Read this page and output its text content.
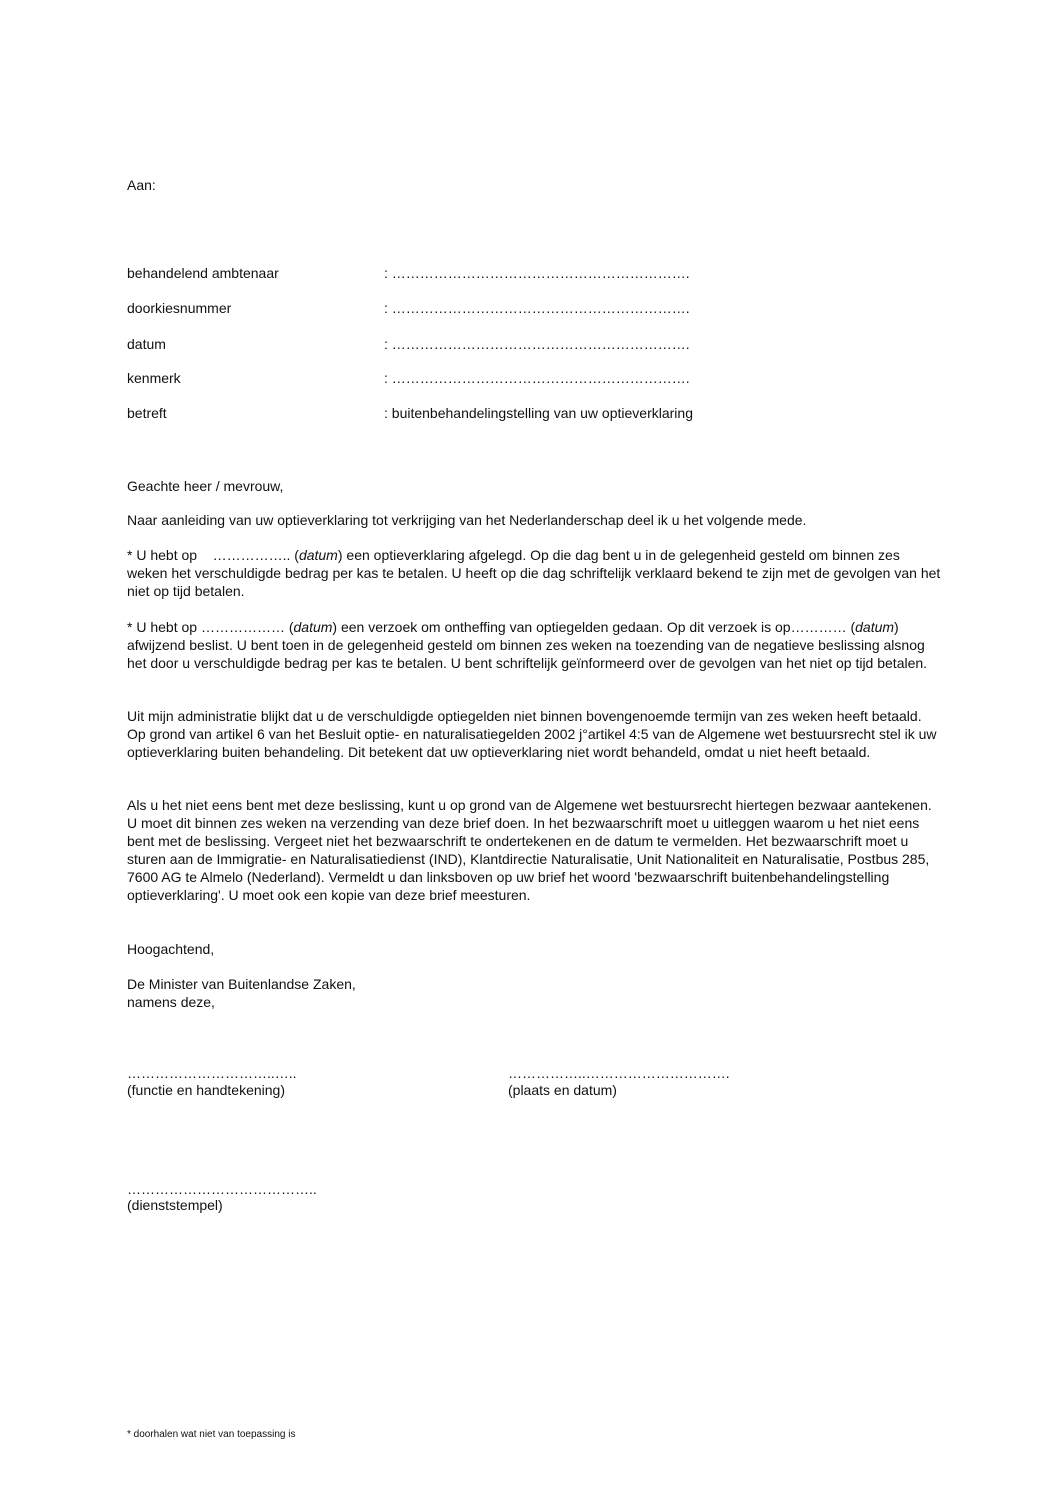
Aan:
behandelend ambtenaar	: ……………………………………………………….
doorkiesnummer	: ……………………………………………………….
datum	: ……………………………………………………….
kenmerk	: ……………………………………………………….
betreft	: buitenbehandelingstelling van uw optieverklaring
Geachte heer / mevrouw,

Naar aanleiding van uw optieverklaring tot verkrijging van het Nederlanderschap deel ik u het volgende mede.

* U hebt op    …………….. (datum) een optieverklaring afgelegd. Op die dag bent u in de gelegenheid gesteld om binnen zes weken het verschuldigde bedrag per kas te betalen. U heeft op die dag schriftelijk verklaard bekend te zijn met de gevolgen van het niet op tijd betalen.

* U hebt op ……………… (datum) een verzoek om ontheffing van optiegelden gedaan. Op dit verzoek is op………… (datum) afwijzend beslist. U bent toen in de gelegenheid gesteld om binnen zes weken na toezending van de negatieve beslissing alsnog het door u verschuldigde bedrag per kas te betalen. U bent schriftelijk geïnformeerd over de gevolgen van het niet op tijd betalen.

Uit mijn administratie blijkt dat u de verschuldigde optiegelden niet binnen bovengenoemde termijn van zes weken heeft betaald. Op grond van artikel 6 van het Besluit optie- en naturalisatiegelden 2002 j°artikel 4:5 van de Algemene wet bestuursrecht stel ik uw optieverklaring buiten behandeling. Dit betekent dat uw optieverklaring niet wordt behandeld, omdat u niet heeft betaald.

Als u het niet eens bent met deze beslissing, kunt u op grond van de Algemene wet bestuursrecht hiertegen bezwaar aantekenen. U moet dit binnen zes weken na verzending van deze brief doen. In het bezwaarschrift moet u uitleggen waarom u het niet eens bent met de beslissing. Vergeet niet het bezwaarschrift te ondertekenen en de datum te vermelden. Het bezwaarschrift moet u sturen aan de Immigratie- en Naturalisatiedienst (IND), Klantdirectie Naturalisatie, Unit Nationaliteit en Naturalisatie, Postbus 285, 7600 AG te Almelo (Nederland). Vermeldt u dan linksboven op uw brief het woord 'bezwaarschrift buitenbehandelingstelling optieverklaring'. U moet ook een kopie van deze brief meesturen.

Hoogachtend,
De Minister van Buitenlandse Zaken,
namens deze,
…………………………..…..
(functie en handtekening)
……………..………………………….
(plaats en datum)
…………………………………..
(dienststempel)
* doorhalen wat niet van toepassing is
